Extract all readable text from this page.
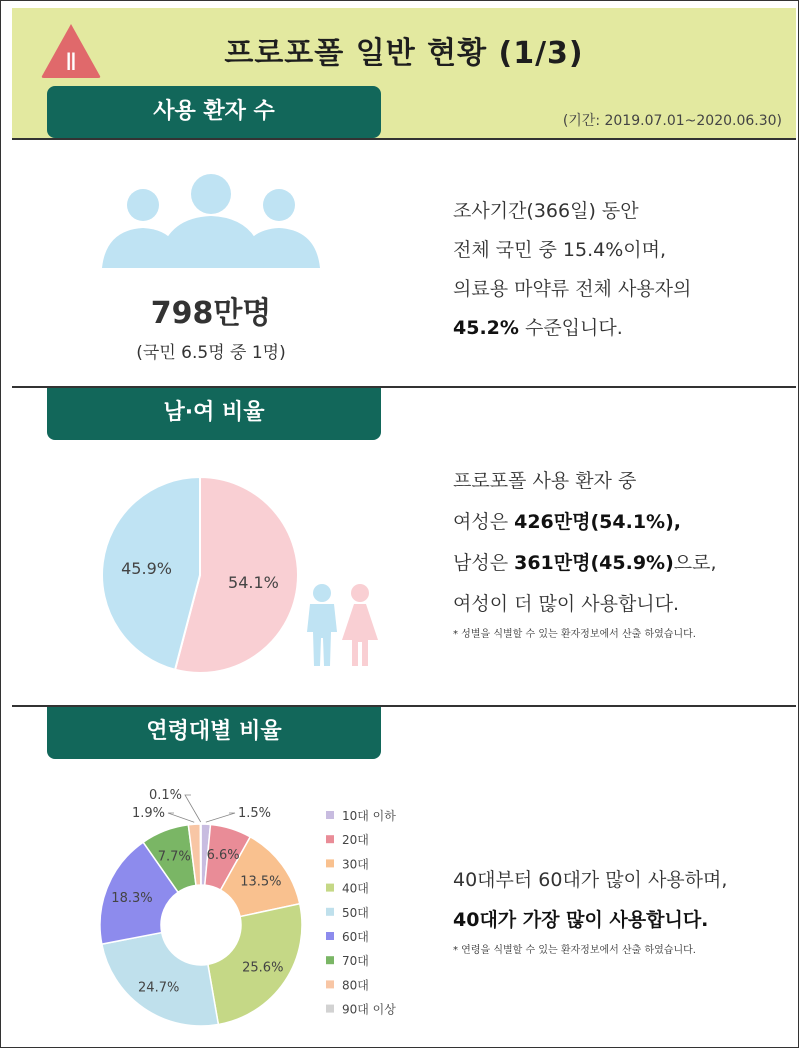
Ⅱ	프로포폴 일반 현황 (1/3)
(기간: 2019.07.01~2020.06.30)
사용 환자 수
798만명
(국민 6.5명 중 1명)
조사기간(366일) 동안
전체 국민 중 15.4%이며,
의료용 마약류 전체 사용자의
45.2% 수준입니다.
남·여 비율
54.1%
45.9%
프로포폴 사용 환자 중
여성은 426만명(54.1%),
남성은 361만명(45.9%)으로,
여성이 더 많이 사용합니다.
* 성별을 식별할 수 있는 환자정보에서 산출 하였습니다.
연령대별 비율
1.5%
6.6%
13.5%
25.6%
24.7%
18.3%
7.7%
1.9%
0.1%
10대 이하
20대
30대
40대
50대
60대
70대
80대
90대 이상
40대부터 60대가 많이 사용하며,
40대가 가장 많이 사용합니다.
* 연령을 식별할 수 있는 환자정보에서 산출 하였습니다.
